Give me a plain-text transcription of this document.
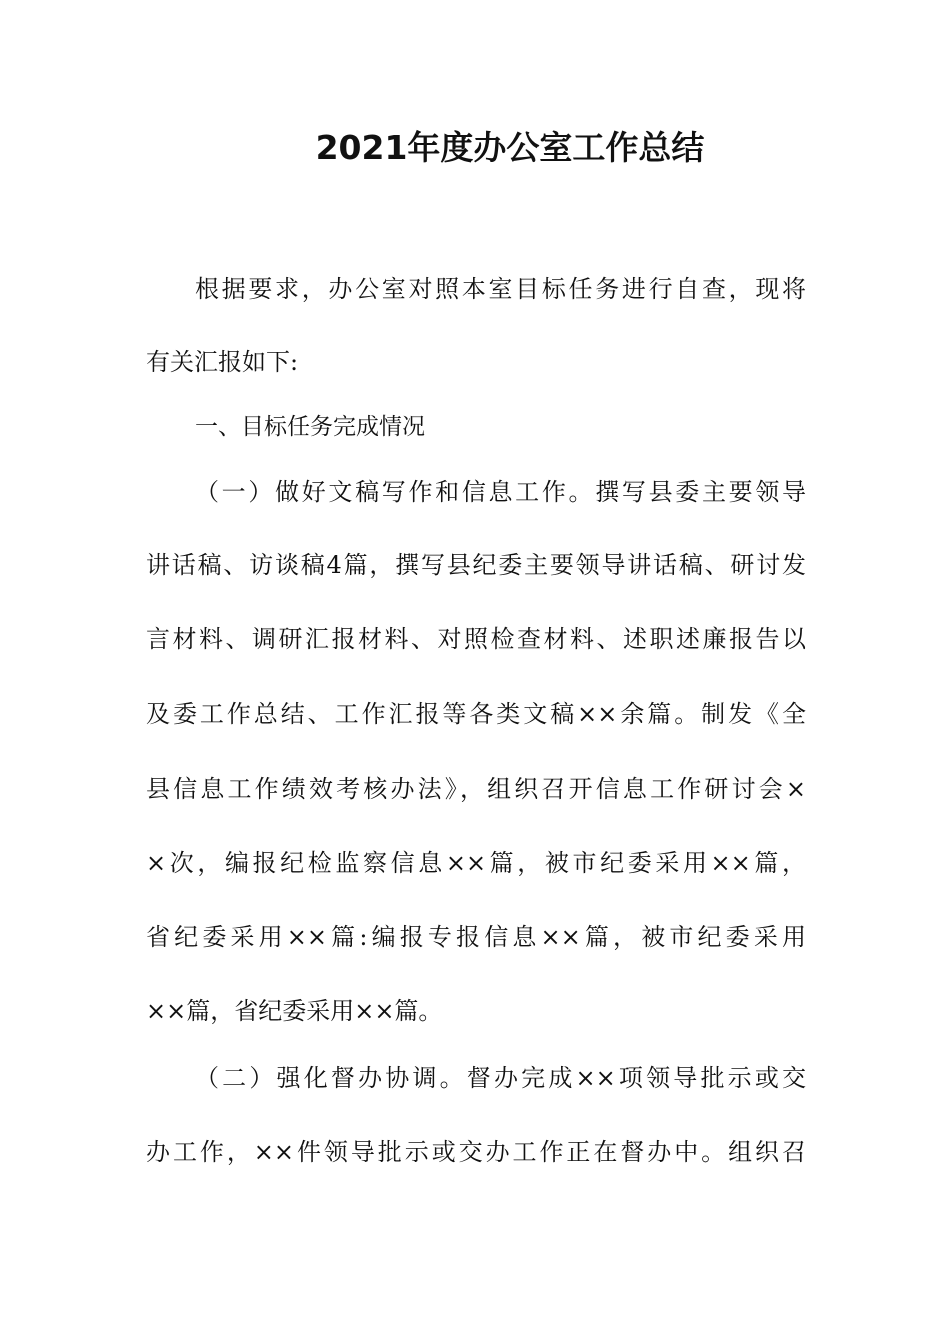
2021年度办公室工作总结
根据要求，办公室对照本室目标任务进行自查，现将
有关汇报如下:
一、目标任务完成情况
（一）做好文稿写作和信息工作。撰写县委主要领导
讲话稿、访谈稿4篇，撰写县纪委主要领导讲话稿、研讨发
言材料、调研汇报材料、对照检查材料、述职述廉报告以
及委工作总结、工作汇报等各类文稿××余篇。制发《全
县信息工作绩效考核办法》，组织召开信息工作研讨会×
×次，编报纪检监察信息××篇，被市纪委采用××篇，
省纪委采用××篇:编报专报信息××篇，被市纪委采用
××篇，省纪委采用××篇。
（二）强化督办协调。督办完成××项领导批示或交
办工作，××件领导批示或交办工作正在督办中。组织召
